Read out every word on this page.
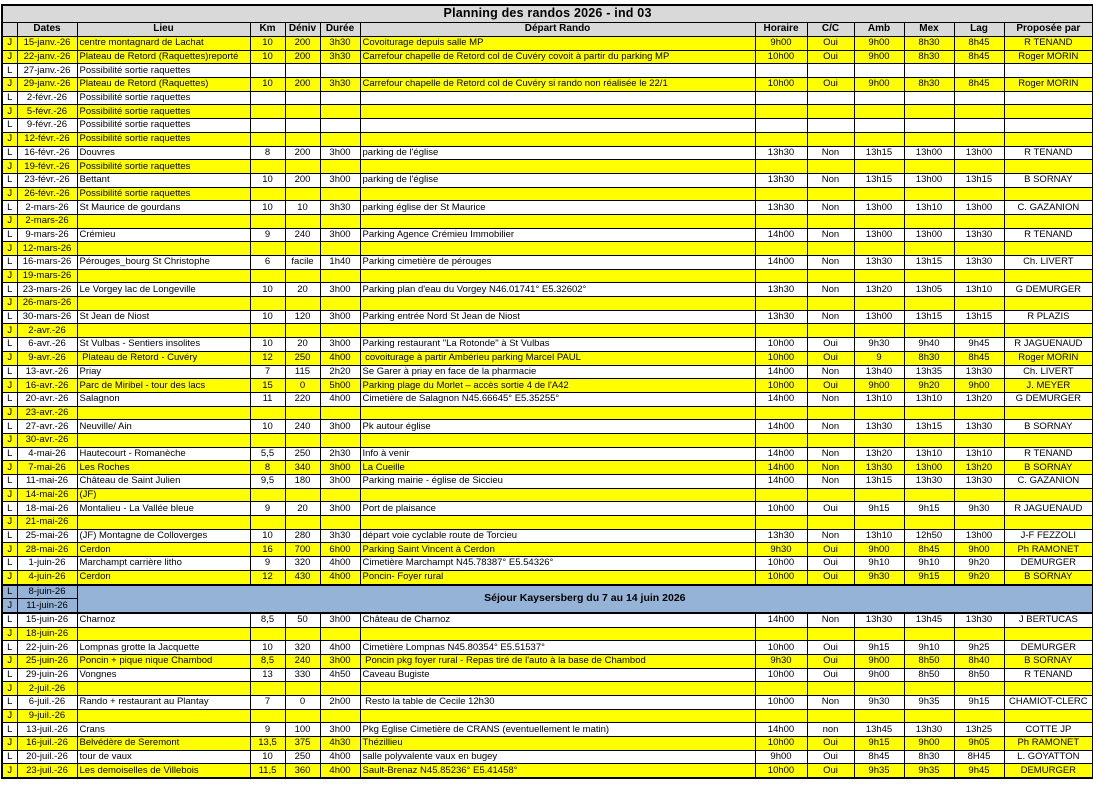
Planning des randos 2026 - ind 03												
	Dates	Lieu	Km	Déniv	Durée	Départ Rando	Horaire	C/C	Amb	Mex	Lag	Proposée par
J	15-janv.-26	centre montagnard de Lachat	10	200	3h30	Covoiturage depuis salle MP	9h00	Oui	9h00	8h30	8h45	R TENAND
J	22-janv.-26	Plateau de Retord (Raquettes)reporté	10	200	3h30	Carrefour chapelle de Retord col de Cuvéry covoit à partir du parking MP	10h00	Oui	9h00	8h30	8h45	Roger MORIN
L	27-janv.-26	Possibilité sortie raquettes										
J	29-janv.-26	Plateau de Retord (Raquettes)	10	200	3h30	Carrefour chapelle de Retord col de Cuvéry si rando non réalisée le 22/1	10h00	Oui	9h00	8h30	8h45	Roger MORIN
L	2-févr.-26	Possibilité sortie raquettes										
J	5-févr.-26	Possibilité sortie raquettes										
L	9-févr.-26	Possibilité sortie raquettes										
J	12-févr.-26	Possibilité sortie raquettes										
L	16-févr.-26	Douvres	8	200	3h00	parking de l'église	13h30	Non	13h15	13h00	13h00	R TENAND
J	19-févr.-26	Possibilité sortie raquettes										
L	23-févr.-26	Bettant	10	200	3h00	parking de l'église	13h30	Non	13h15	13h00	13h15	B SORNAY
J	26-févr.-26	Possibilité sortie raquettes										
L	2-mars-26	St Maurice de gourdans	10	10	3h30	parking église der St Maurice	13h30	Non	13h00	13h10	13h00	C. GAZANION
J	2-mars-26											
L	9-mars-26	Crémieu	9	240	3h00	Parking Agence Crémieu Immobilier	14h00	Non	13h00	13h00	13h30	R TENAND
J	12-mars-26											
L	16-mars-26	Pérouges_bourg St Christophe	6	facile	1h40	Parking cimetière de pérouges	14h00	Non	13h30	13h15	13h30	Ch. LIVERT
J	19-mars-26											
L	23-mars-26	Le Vorgey lac de Longeville	10	20	3h00	Parking plan d'eau du Vorgey N46.01741° E5.32602°	13h30	Non	13h20	13h05	13h10	G DEMURGER
J	26-mars-26											
L	30-mars-26	St Jean de Niost	10	120	3h00	Parking entrée Nord St Jean de Niost	13h30	Non	13h00	13h15	13h15	R PLAZIS
J	2-avr.-26											
L	6-avr.-26	St Vulbas - Sentiers insolites	10	20	3h00	Parking restaurant "La Rotonde" à St Vulbas	10h00	Oui	9h30	9h40	9h45	R JAGUENAUD
J	9-avr.-26	Plateau de Retord - Cuvéry	12	250	4h00	covoiturage à partir Ambérieu parking Marcel PAUL	10h00	Oui	9	8h30	8h45	Roger MORIN
L	13-avr.-26	Priay	7	115	2h20	Se Garer à priay en face de la pharmacie	14h00	Non	13h40	13h35	13h30	Ch. LIVERT
J	16-avr.-26	Parc de Miribel - tour des lacs	15	0	5h00	Parking plage du Morlet – accès sortie 4 de l'A42	10h00	Oui	9h00	9h20	9h00	J. MEYER
L	20-avr.-26	Salagnon	11	220	4h00	Cimetière de Salagnon N45.66645° E5.35255°	14h00	Non	13h10	13h10	13h20	G DEMURGER
J	23-avr.-26											
L	27-avr.-26	Neuville/ Ain	10	240	3h00	Pk autour église	14h00	Non	13h30	13h15	13h30	B SORNAY
J	30-avr.-26											
L	4-mai-26	Hautecourt - Romanèche	5,5	250	2h30	Info à venir	14h00	Non	13h20	13h10	13h10	R TENAND
J	7-mai-26	Les Roches	8	340	3h00	La Cueille	14h00	Non	13h30	13h00	13h20	B SORNAY
L	11-mai-26	Château de Saint Julien	9,5	180	3h00	Parking mairie - église de Siccieu	14h00	Non	13h15	13h30	13h30	C. GAZANION
J	14-mai-26	(JF)										
L	18-mai-26	Montalieu - La Vallée bleue	9	20	3h00	Port de plaisance	10h00	Oui	9h15	9h15	9h30	R JAGUENAUD
J	21-mai-26											
L	25-mai-26	(JF) Montagne de Colloverges	10	280	3h30	départ voie cyclable route de Torcieu	13h30	Non	13h10	12h50	13h00	J-F FEZZOLI
J	28-mai-26	Cerdon	16	700	6h00	Parking Saint Vincent à Cerdon	9h30	Oui	9h00	8h45	9h00	Ph RAMONET
L	1-juin-26	Marchampt carrière litho	9	320	4h00	Cimetière Marchampt N45.78387° E5.54326°	10h00	Oui	9h10	9h10	9h20	DEMURGER
J	4-juin-26	Cerdon	12	430	4h00	Poncin- Foyer rural	10h00	Oui	9h30	9h15	9h20	B SORNAY
L	8-juin-26	Séjour Kaysersberg du 7 au 14 juin 2026										
J	11-juin-26											
L	15-juin-26	Charnoz	8,5	50	3h00	Château de Charnoz	14h00	Non	13h30	13h45	13h30	J BERTUCAS
J	18-juin-26											
L	22-juin-26	Lompnas grotte la Jacquette	10	320	4h00	Cimetière Lompnas N45.80354° E5.51537°	10h00	Oui	9h15	9h10	9h25	DEMURGER
J	25-juin-26	Poncin + pique nique Chambod	8,5	240	3h00	Poncin pkg foyer rural - Repas tiré de l'auto à la base de Chambod	9h30	Oui	9h00	8h50	8h40	B SORNAY
L	29-juin-26	Vongnes	13	330	4h50	Caveau Bugiste	10h00	Oui	9h00	8h50	8h50	R TENAND
J	2-juil.-26											
L	6-juil.-26	Rando + restaurant au Plantay	7	0	2h00	Resto la table de Cecile 12h30	10h00	Non	9h30	9h35	9h15	CHAMIOT-CLERC
J	9-juil.-26											
L	13-juil.-26	Crans	9	100	3h00	Pkg Eglise Cimetière de CRANS (eventuellement le matin)	14h00	non	13h45	13h30	13h25	COTTE JP
J	16-juil.-26	Belvédère de Seremont	13,5	375	4h30	Thézillieu	10h00	Oui	9h15	9h00	9h05	Ph RAMONET
L	20-juil.-26	tour de vaux	10	250	4h00	salle polyvalente vaux en bugey	9h00	Oui	8h45	8h30	8H45	L. GOYATTON
J	23-juil.-26	Les demoiselles de Villebois	11,5	360	4h00	Sault-Brenaz N45.85236° E5.41458°	10h00	Oui	9h35	9h35	9h45	DEMURGER
